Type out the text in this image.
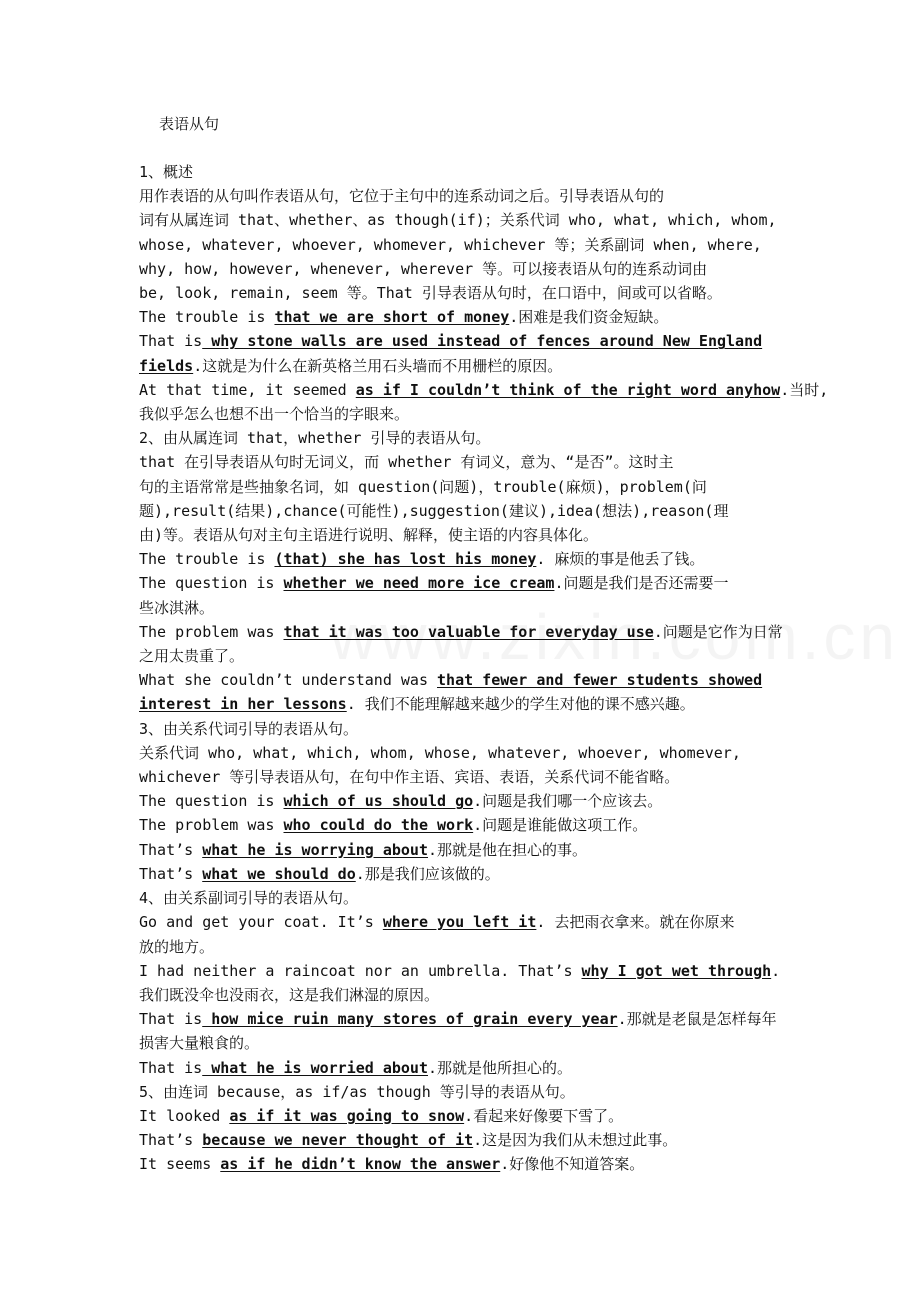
表语从句
1、概述
用作表语的从句叫作表语从句，它位于主句中的连系动词之后。引导表语从句的
词有从属连词 that、whether、as though(if)；关系代词 who, what, which, whom,
whose, whatever, whoever, whomever, whichever 等；关系副词 when, where,
why, how, however, whenever, wherever 等。可以接表语从句的连系动词由
be, look, remain, seem 等。That 引导表语从句时，在口语中，间或可以省略。
The trouble is that we are short of money.困难是我们资金短缺。
That is why stone walls are used instead of fences around New England
fields.这就是为什么在新英格兰用石头墙而不用栅栏的原因。
At that time, it seemed as if I couldn’t think of the right word anyhow.当时,
我似乎怎么也想不出一个恰当的字眼来。
2、由从属连词 that，whether 引导的表语从句。
that 在引导表语从句时无词义，而 whether 有词义，意为、“是否”。这时主
句的主语常常是些抽象名词，如 question(问题)，trouble(麻烦)，problem(问
题),result(结果),chance(可能性),suggestion(建议),idea(想法),reason(理
由)等。表语从句对主句主语进行说明、解释，使主语的内容具体化。
The trouble is (that) she has lost his money. 麻烦的事是他丢了钱。
The question is whether we need more ice cream.问题是我们是否还需要一
些冰淇淋。
The problem was that it was too valuable for everyday use.问题是它作为日常
之用太贵重了。
What she couldn’t understand was that fewer and fewer students showed
interest in her lessons. 我们不能理解越来越少的学生对他的课不感兴趣。
3、由关系代词引导的表语从句。
关系代词 who, what, which, whom, whose, whatever, whoever, whomever,
whichever 等引导表语从句，在句中作主语、宾语、表语，关系代词不能省略。
The question is which of us should go.问题是我们哪一个应该去。
The problem was who could do the work.问题是谁能做这项工作。
That’s what he is worrying about.那就是他在担心的事。
That’s what we should do.那是我们应该做的。
4、由关系副词引导的表语从句。
Go and get your coat. It’s where you left it. 去把雨衣拿来。就在你原来
放的地方。
I had neither a raincoat nor an umbrella. That’s why I got wet through.
我们既没伞也没雨衣，这是我们淋湿的原因。
That is how mice ruin many stores of grain every year.那就是老鼠是怎样每年
损害大量粮食的。
That is what he is worried about.那就是他所担心的。
5、由连词 because，as if/as though 等引导的表语从句。
It looked as if it was going to snow.看起来好像要下雪了。
That’s because we never thought of it.这是因为我们从未想过此事。
It seems as if he didn’t know the answer.好像他不知道答案。
